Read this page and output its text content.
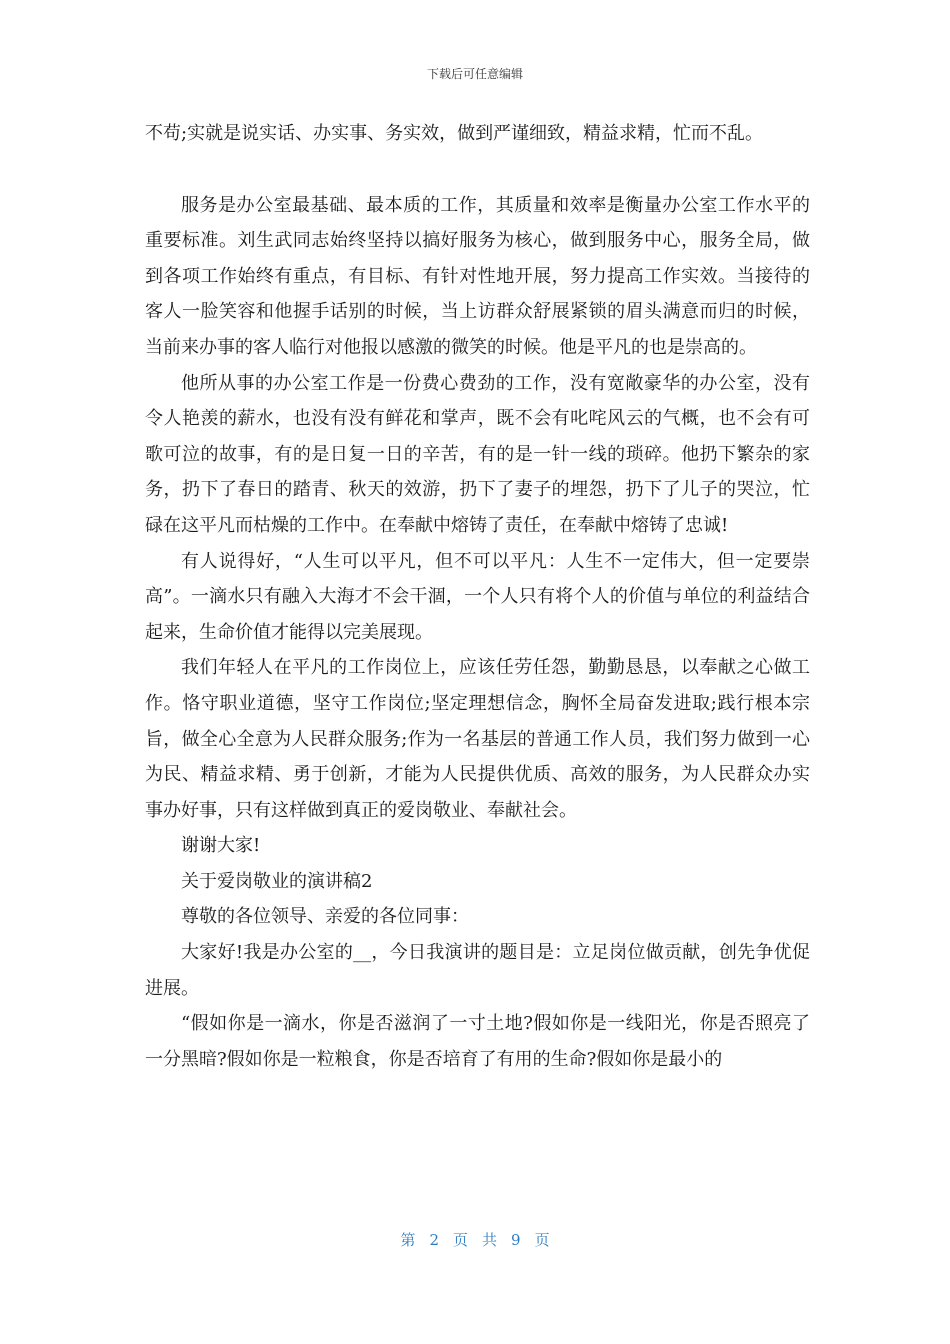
下载后可任意编辑

不苟;实就是说实话、办实事、务实效，做到严谨细致，精益求精，忙而不乱。

服务是办公室最基础、最本质的工作，其质量和效率是衡量办公室工作水平的重要标准。刘生武同志始终坚持以搞好服务为核心，做到服务中心，服务全局，做到各项工作始终有重点，有目标、有针对性地开展，努力提高工作实效。当接待的客人一脸笑容和他握手话别的时候，当上访群众舒展紧锁的眉头满意而归的时候，当前来办事的客人临行对他报以感激的微笑的时候。他是平凡的也是崇高的。

他所从事的办公室工作是一份费心费劲的工作，没有宽敞豪华的办公室，没有令人艳羡的薪水，也没有没有鲜花和掌声，既不会有叱咤风云的气概，也不会有可歌可泣的故事，有的是日复一日的辛苦，有的是一针一线的琐碎。他扔下繁杂的家务，扔下了春日的踏青、秋天的效游，扔下了妻子的埋怨，扔下了儿子的哭泣，忙碌在这平凡而枯燥的工作中。在奉献中熔铸了责任，在奉献中熔铸了忠诚!

有人说得好，“人生可以平凡，但不可以平凡：人生不一定伟大，但一定要崇高”。一滴水只有融入大海才不会干涸，一个人只有将个人的价值与单位的利益结合起来，生命价值才能得以完美展现。

我们年轻人在平凡的工作岗位上，应该任劳任怨，勤勤恳恳，以奉献之心做工作。恪守职业道德，坚守工作岗位;坚定理想信念，胸怀全局奋发进取;践行根本宗旨，做全心全意为人民群众服务;作为一名基层的普通工作人员，我们努力做到一心为民、精益求精、勇于创新，才能为人民提供优质、高效的服务，为人民群众办实事办好事，只有这样做到真正的爱岗敬业、奉献社会。

谢谢大家!

关于爱岗敬业的演讲稿2

尊敬的各位领导、亲爱的各位同事：

大家好!我是办公室的__，今日我演讲的题目是：立足岗位做贡献，创先争优促进展。

“假如你是一滴水，你是否滋润了一寸土地?假如你是一线阳光，你是否照亮了一分黑暗?假如你是一粒粮食，你是否培育了有用的生命?假如你是最小的

第 2 页 共 9 页
